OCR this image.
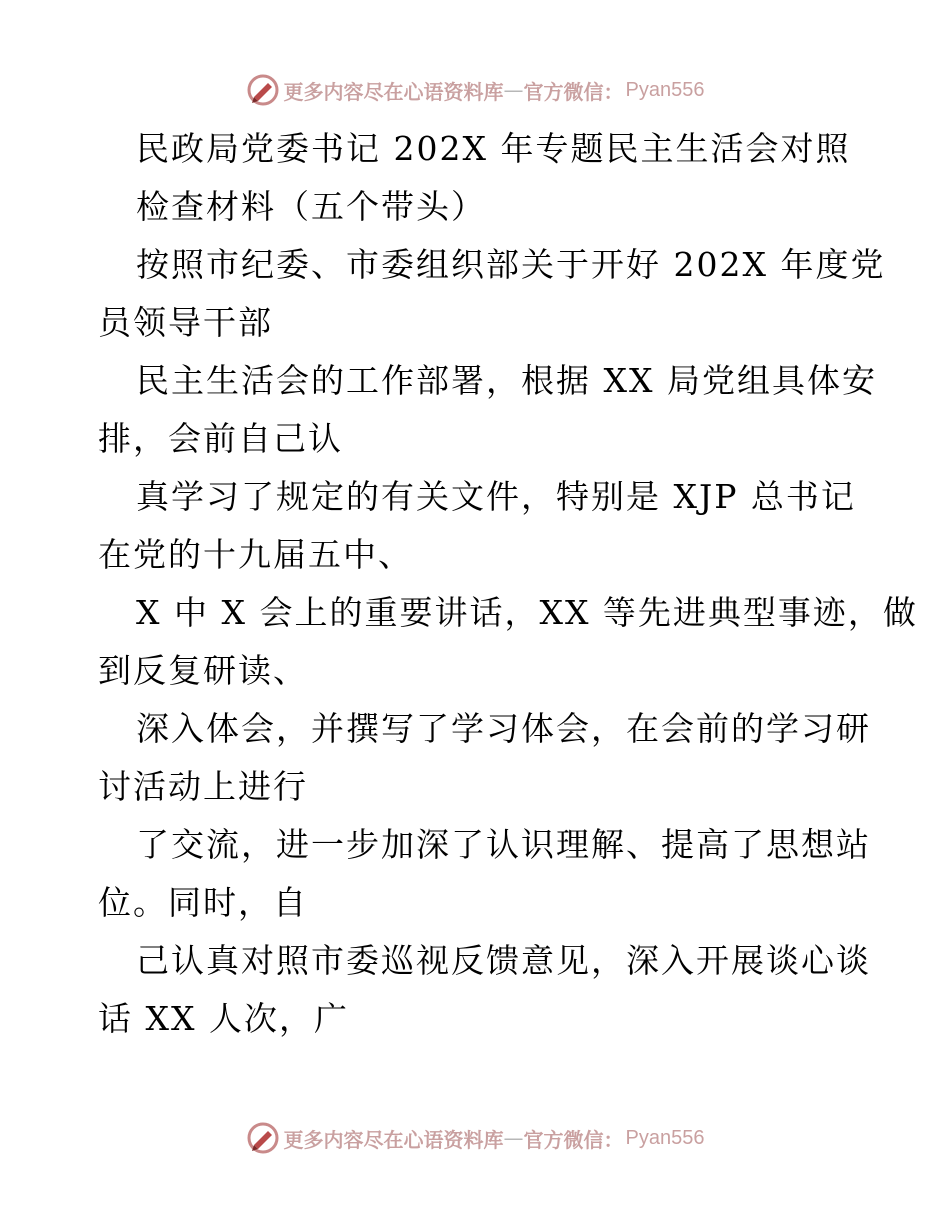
更多内容尽在心语资料库 — 官方微信： Pyan556
民政局党委书记 202X 年专题民主生活会对照
检查材料（五个带头）
按照市纪委、市委组织部关于开好 202X 年度党
员领导干部
民主生活会的工作部署，根据 XX 局党组具体安
排，会前自己认
真学习了规定的有关文件，特别是 XJP 总书记
在党的十九届五中、
X 中 X 会上的重要讲话，XX 等先进典型事迹，做
到反复研读、
深入体会，并撰写了学习体会，在会前的学习研
讨活动上进行
了交流，进一步加深了认识理解、提高了思想站
位。同时，自
己认真对照市委巡视反馈意见，深入开展谈心谈
话 XX 人次，广
更多内容尽在心语资料库 — 官方微信： Pyan556
